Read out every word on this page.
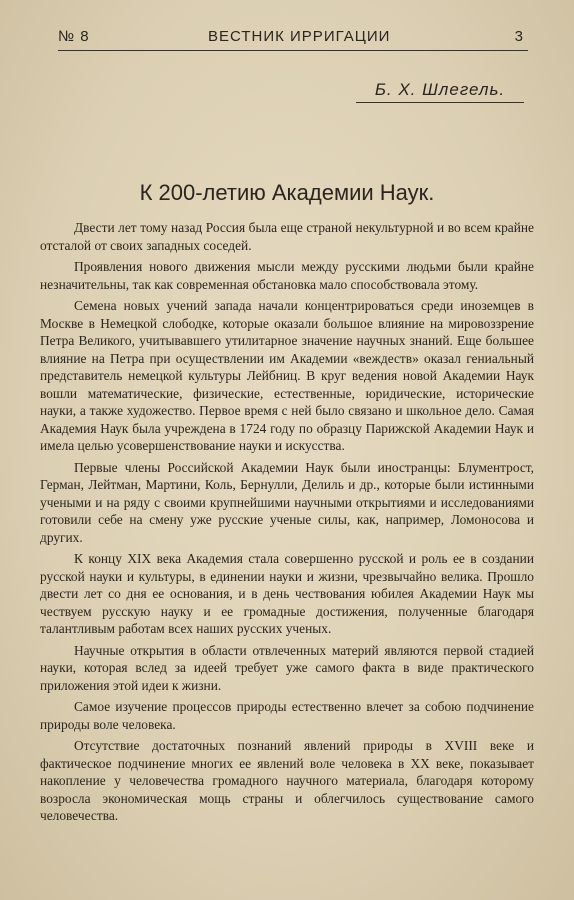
№ 8	ВЕСТНИК ИРРИГАЦИИ	3
Б. Х. Шлегель.
К 200-летию Академии Наук.

Двести лет тому назад Россия была еще страной некультурной и во всем крайне отсталой от своих западных соседей.

Проявления нового движения мысли между русскими людьми были крайне незначительны, так как современная обстановка мало способствовала этому.

Семена новых учений запада начали концентрироваться среди иноземцев в Москве в Немецкой слободке, которые оказали большое влияние на мировоззрение Петра Великого, учитывавшего утилитарное значение научных знаний. Еще большее влияние на Петра при осуществлении им Академии «веждеств» оказал гениальный представитель немецкой культуры Лейбниц. В круг ведения новой Академии Наук вошли математические, физические, естественные, юридические, исторические науки, а также художество. Первое время с ней было связано и школьное дело. Самая Академия Наук была учреждена в 1724 году по образцу Парижской Академии Наук и имела целью усовершенствование науки и искусства.

Первые члены Российской Академии Наук были иностранцы: Блументрост, Герман, Лейтман, Мартини, Коль, Бернулли, Делиль и др., которые были истинными учеными и на ряду с своими крупнейшими научными открытиями и исследованиями готовили себе на смену уже русские ученые силы, как, например, Ломоносова и других.

К концу XIX века Академия стала совершенно русской и роль ее в создании русской науки и культуры, в единении науки и жизни, чрезвычайно велика. Прошло двести лет со дня ее основания, и в день чествования юбилея Академии Наук мы чествуем русскую науку и ее громадные достижения, полученные благодаря талантливым работам всех наших русских ученых.

Научные открытия в области отвлеченных материй являются первой стадией науки, которая вслед за идеей требует уже самого факта в виде практического приложения этой идеи к жизни.

Самое изучение процессов природы естественно влечет за собою подчинение природы воле человека.

Отсутствие достаточных познаний явлений природы в XVIII веке и фактическое подчинение многих ее явлений воле человека в XX веке, показывает накопление у человечества громадного научного материала, благодаря которому возросла экономическая мощь страны и облегчилось существование самого человечества.
